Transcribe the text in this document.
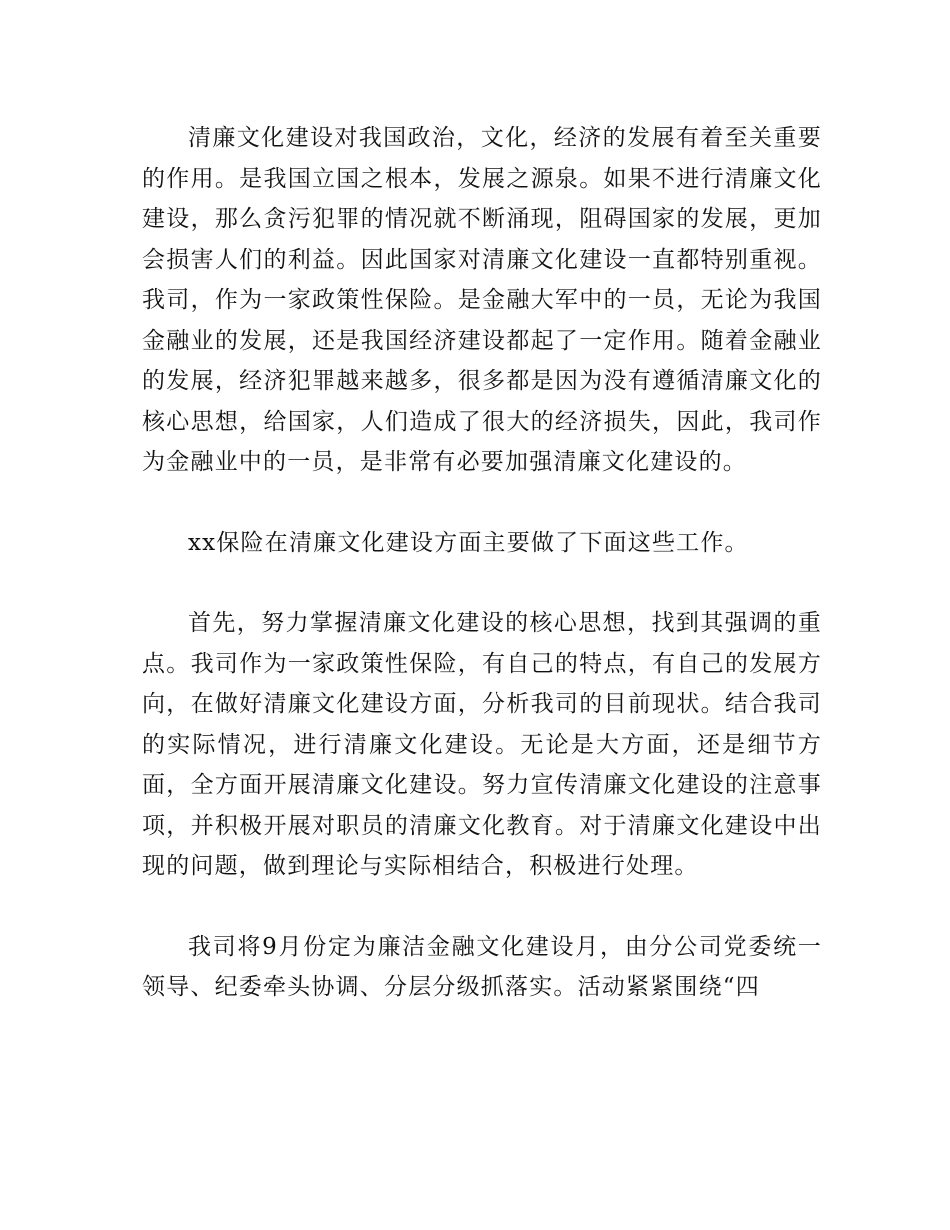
清廉文化建设对我国政治，文化，经济的发展有着至关重要的作用。是我国立国之根本，发展之源泉。如果不进行清廉文化建设，那么贪污犯罪的情况就不断涌现，阻碍国家的发展，更加会损害人们的利益。因此国家对清廉文化建设一直都特别重视。我司，作为一家政策性保险。是金融大军中的一员，无论为我国金融业的发展，还是我国经济建设都起了一定作用。随着金融业的发展，经济犯罪越来越多，很多都是因为没有遵循清廉文化的核心思想，给国家，人们造成了很大的经济损失，因此，我司作为金融业中的一员，是非常有必要加强清廉文化建设的。

xx保险在清廉文化建设方面主要做了下面这些工作。

首先，努力掌握清廉文化建设的核心思想，找到其强调的重点。我司作为一家政策性保险，有自己的特点，有自己的发展方向，在做好清廉文化建设方面，分析我司的目前现状。结合我司的实际情况，进行清廉文化建设。无论是大方面，还是细节方面，全方面开展清廉文化建设。努力宣传清廉文化建设的注意事项，并积极开展对职员的清廉文化教育。对于清廉文化建设中出现的问题，做到理论与实际相结合，积极进行处理。

我司将9月份定为廉洁金融文化建设月，由分公司党委统一领导、纪委牵头协调、分层分级抓落实。活动紧紧围绕“四
